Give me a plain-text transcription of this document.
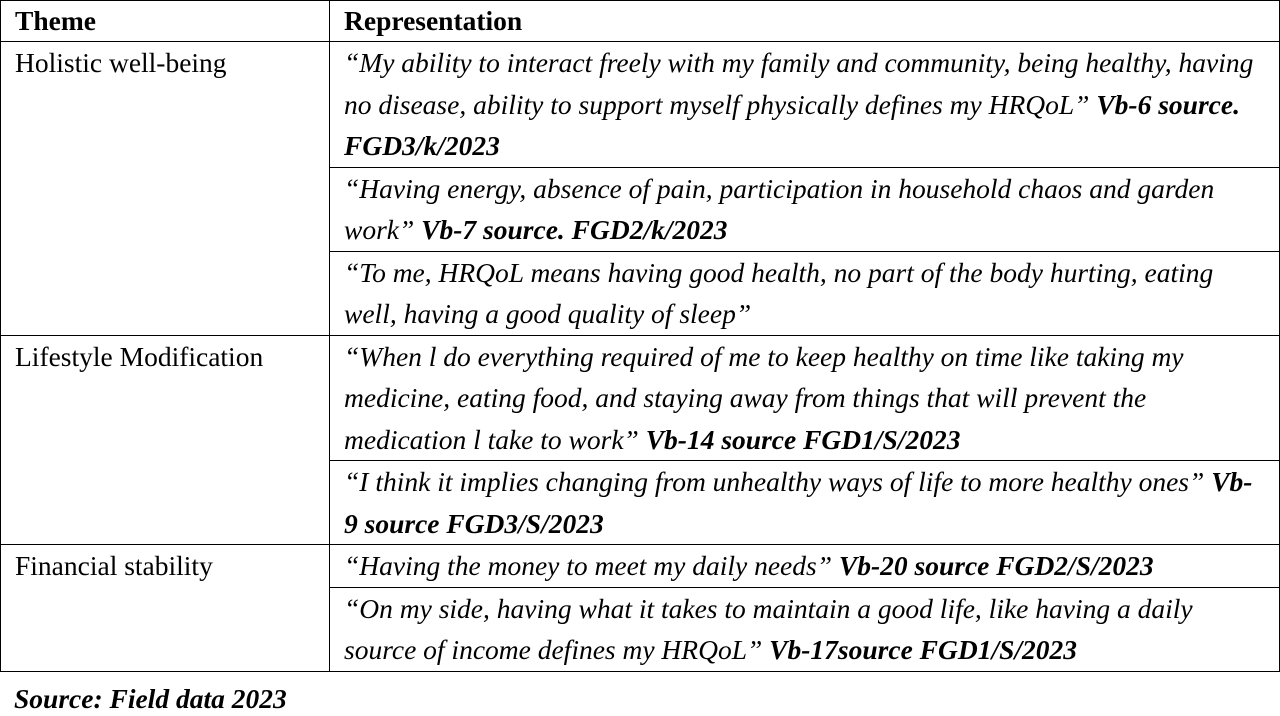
Theme	Representation
Holistic well-being	“My ability to interact freely with my family and community, being healthy, having no disease, ability to support myself physically defines my HRQoL” Vb-6 source. FGD3/k/2023
	“Having energy, absence of pain, participation in household chaos and garden work” Vb-7 source. FGD2/k/2023
	“To me, HRQoL means having good health, no part of the body hurting, eating well, having a good quality of sleep”
Lifestyle Modification	“When l do everything required of me to keep healthy on time like taking my medicine, eating food, and staying away from things that will prevent the medication l take to work” Vb-14 source FGD1/S/2023
	“I think it implies changing from unhealthy ways of life to more healthy ones” Vb-9 source FGD3/S/2023
Financial stability	“Having the money to meet my daily needs” Vb-20 source FGD2/S/2023
	“On my side, having what it takes to maintain a good life, like having a daily source of income defines my HRQoL” Vb-17source FGD1/S/2023
Source: Field data 2023
